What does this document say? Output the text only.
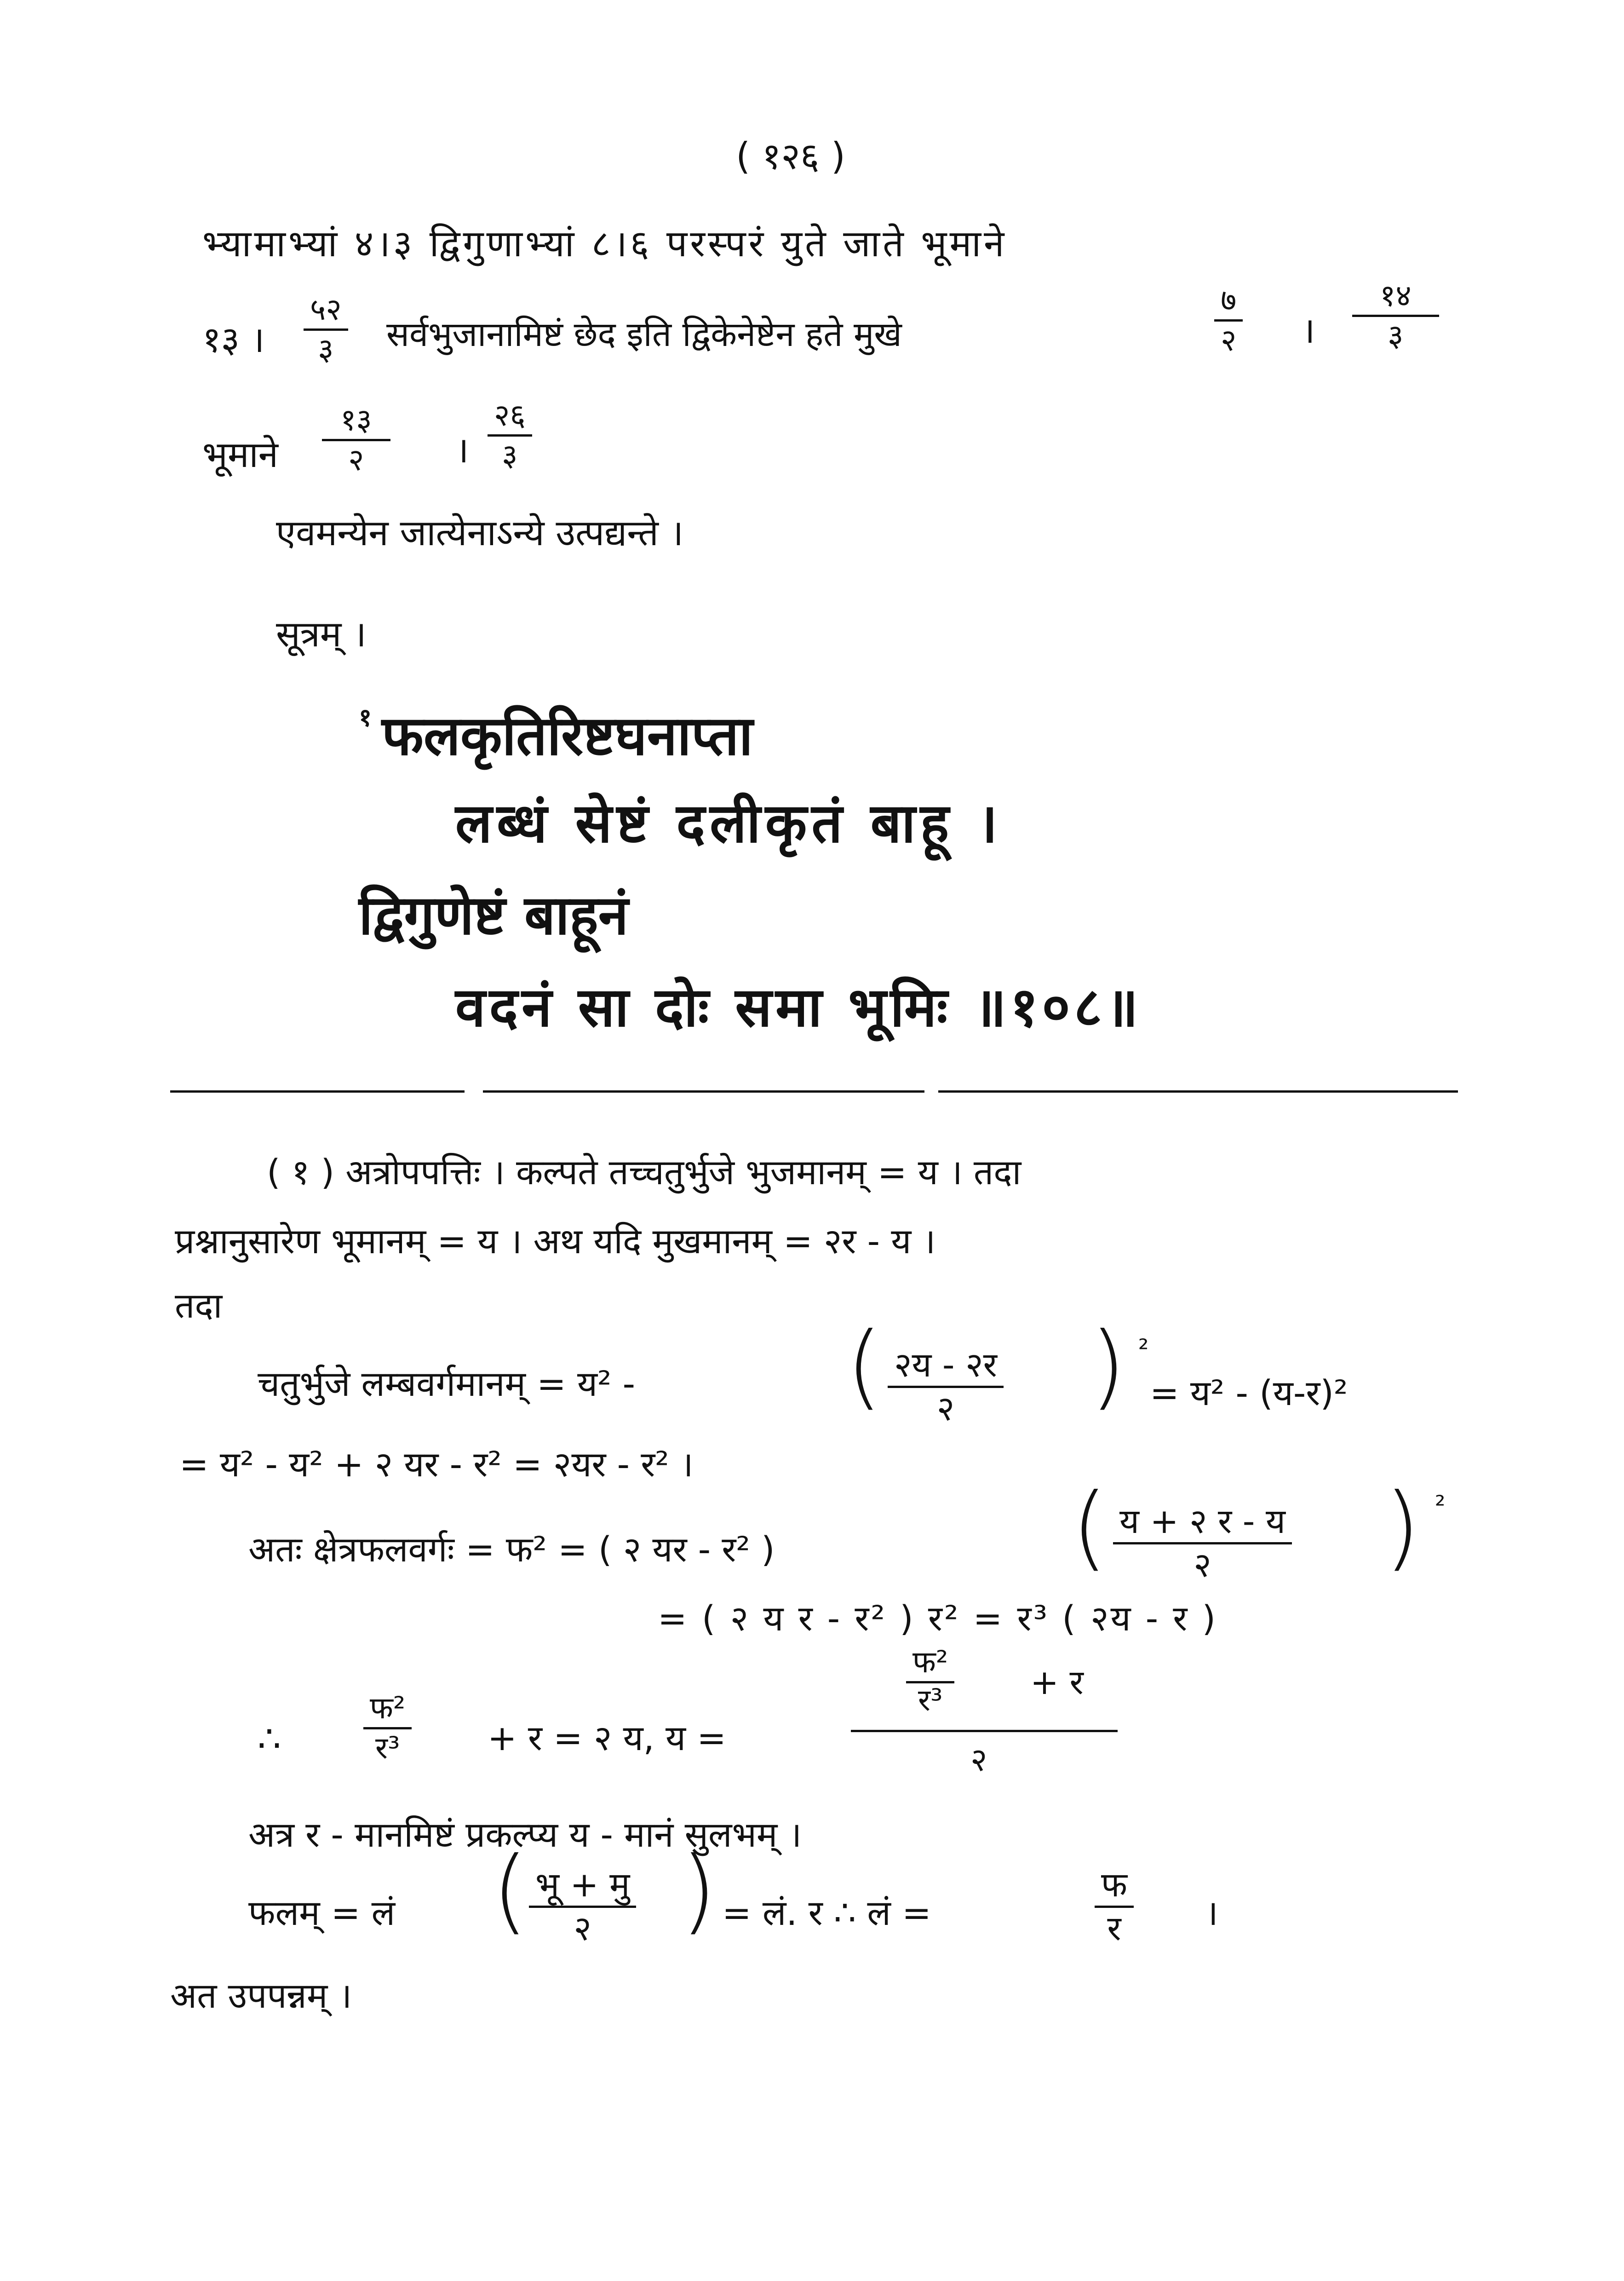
( १२६ )
भ्यामाभ्यां ४।३ द्विगुणाभ्यां ८।६ परस्परं युते जाते भूमाने
१३ ।
५२
३ सर्वभुजानामिष्टं छेद इति द्विकेनेष्टेन हते मुखे
७
२ ।
१४
३
भूमाने
१३
२	।
२६
३
एवमन्येन जात्येनाऽन्ये उत्पद्यन्ते ।
सूत्रम् ।
१ फलकृतिरिष्टघनाप्ता
लब्धं सेष्टं दलीकृतं बाहू ।
द्विगुणेष्टं बाहूनं
वदनं सा दोः समा भूमिः ॥१०८॥
( १ ) अत्रोपपत्तिः । कल्पते तच्चतुर्भुजे भुजमानम् = य । तदा
प्रश्नानुसारेण भूमानम् = य । अथ यदि मुखमानम् = २र - य ।
तदा
चतुर्भुजे लम्बवर्गमानम् = य² - ( २य - २र
२ ) ²
= य² - (य-र)²
= य² - य² + २ यर - र² = २यर - र² ।
अतः क्षेत्रफलवर्गः = फ² = ( २ यर - र² )	( य + २ र - य
२ ) ²
= ( २ य र - र² ) र² = र³ ( २य - र )
∴
फ²
र³	+ र = २ य, य =
फ²
र³	+ र
२
अत्र र - मानमिष्टं प्रकल्प्य य - मानं सुलभम् ।
फलम् = लं ( भू + मु
२ ) = लं. र ∴ लं =
फ
र ।
अत उपपन्नम् ।
